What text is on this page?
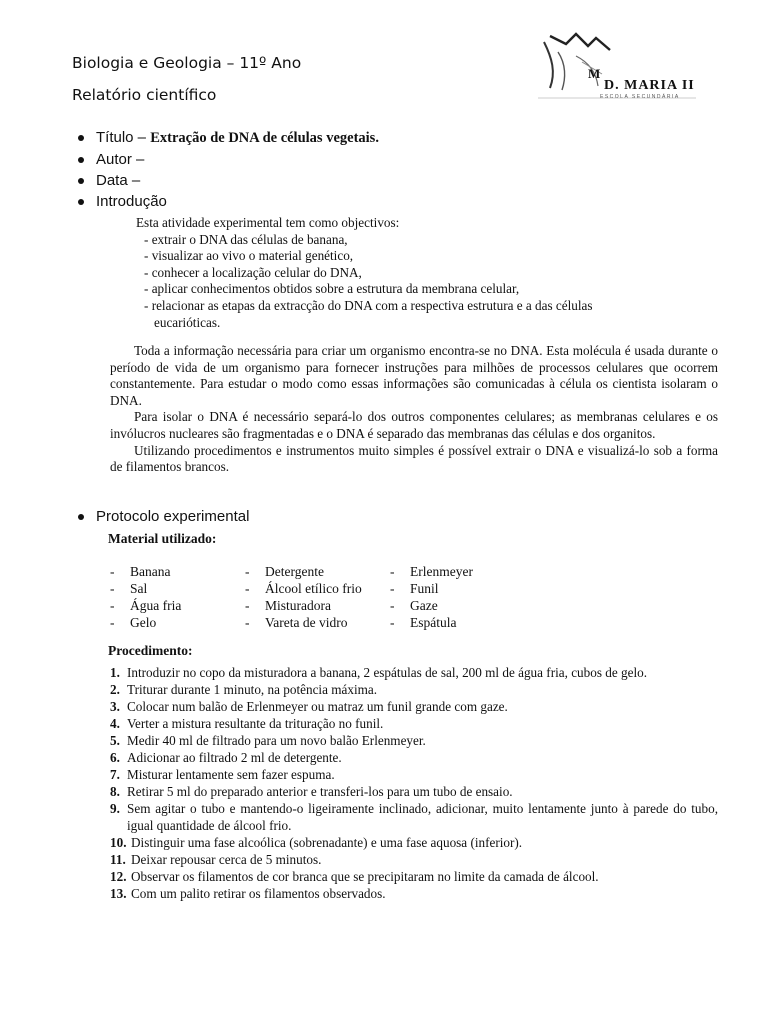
Biologia e Geologia – 11º Ano
Relatório científico
M
D. MARIA II
ESCOLA SECUNDÁRIA
Título – Extração de DNA de células vegetais.
Autor –
Data –
Introdução
Esta atividade experimental tem como objectivos:
- extrair o DNA das células de banana,
- visualizar ao vivo o material genético,
- conhecer a localização celular do DNA,
- aplicar conhecimentos obtidos sobre a estrutura da membrana celular,
- relacionar as etapas da extracção do DNA com a respectiva estrutura e a das células
eucarióticas.

Toda a informação necessária para criar um organismo encontra-se no DNA. Esta molécula é usada durante o período de vida de um organismo para fornecer instruções para milhões de processos celulares que ocorrem constantemente. Para estudar o modo como essas informações são comunicadas à célula os cientista isolaram o DNA.

Para isolar o DNA é necessário separá-lo dos outros componentes celulares; as membranas celulares e os invólucros nucleares são fragmentadas e o DNA é separado das membranas das células e dos organitos.

Utilizando procedimentos e instrumentos muito simples é possível extrair o DNA e visualizá-lo sob a forma de filamentos brancos.

Protocolo experimental
Material utilizado:
- Banana
- Sal
- Água fria
- Gelo
- Detergente
- Álcool etílico frio
- Misturadora
- Vareta de vidro
- Erlenmeyer
- Funil
- Gaze
- Espátula
Procedimento:
1. Introduzir no copo da misturadora a banana, 2 espátulas de sal, 200 ml de água fria, cubos de gelo.
2. Triturar durante 1 minuto, na potência máxima.
3. Colocar num balão de Erlenmeyer ou matraz um funil grande com gaze.
4. Verter a mistura resultante da trituração no funil.
5. Medir 40 ml de filtrado para um novo balão Erlenmeyer.
6. Adicionar ao filtrado 2 ml de detergente.
7. Misturar lentamente sem fazer espuma.
8. Retirar 5 ml do preparado anterior e transferi-los para um tubo de ensaio.
9. Sem agitar o tubo e mantendo-o ligeiramente inclinado, adicionar, muito lentamente junto à parede do tubo, igual quantidade de álcool frio.
10. Distinguir uma fase alcoólica (sobrenadante) e uma fase aquosa (inferior).
11. Deixar repousar cerca de 5 minutos.
12. Observar os filamentos de cor branca que se precipitaram no limite da camada de álcool.
13. Com um palito retirar os filamentos observados.
